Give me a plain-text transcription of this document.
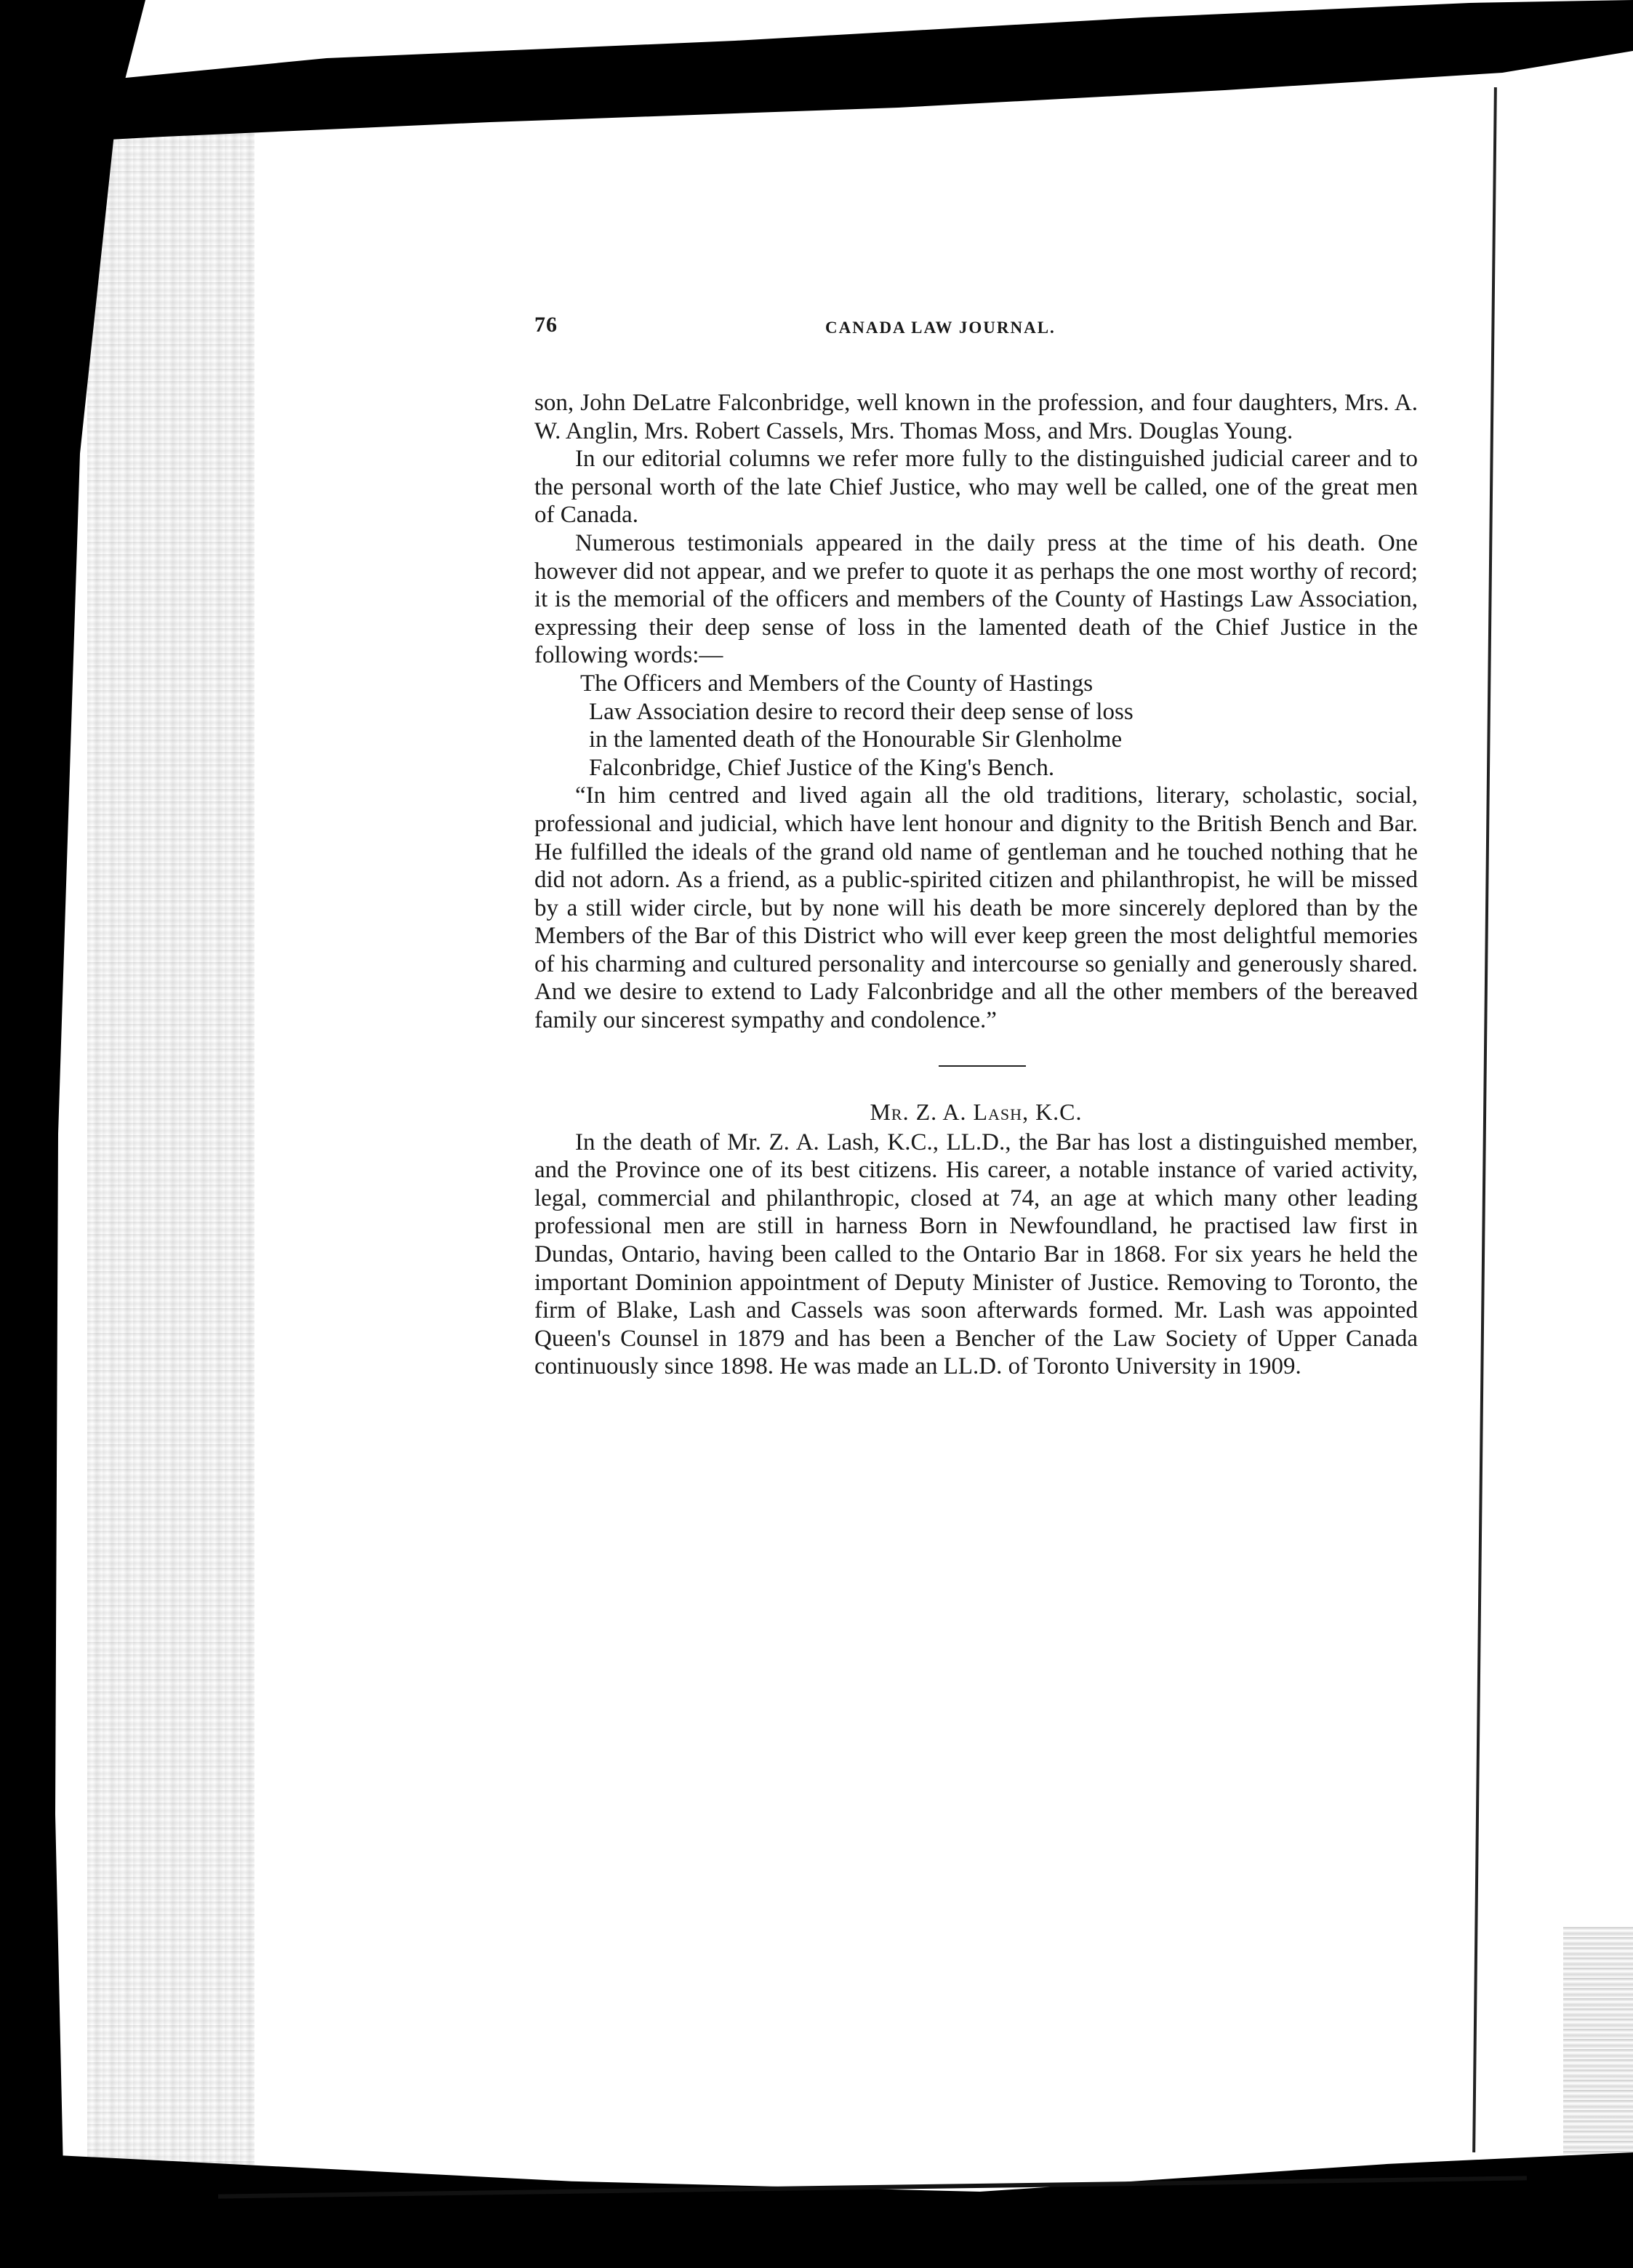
76	CANADA LAW JOURNAL.

son, John DeLatre Falconbridge, well known in the profession, and four daughters, Mrs. A. W. Anglin, Mrs. Robert Cassels, Mrs. Thomas Moss, and Mrs. Douglas Young.

In our editorial columns we refer more fully to the distinguished judicial career and to the personal worth of the late Chief Justice, who may well be called, one of the great men of Canada.

Numerous testimonials appeared in the daily press at the time of his death. One however did not appear, and we prefer to quote it as perhaps the one most worthy of record; it is the memorial of the officers and members of the County of Hastings Law Association, expressing their deep sense of loss in the lamented death of the Chief Justice in the following words:—

The Officers and Members of the County of Hastings
Law Association desire to record their deep sense of loss
in the lamented death of the Honourable Sir Glenholme
Falconbridge, Chief Justice of the King's Bench.

“In him centred and lived again all the old traditions, literary, scholastic, social, professional and judicial, which have lent honour and dignity to the British Bench and Bar. He fulfilled the ideals of the grand old name of gentleman and he touched nothing that he did not adorn. As a friend, as a public-spirited citizen and philanthropist, he will be missed by a still wider circle, but by none will his death be more sincerely deplored than by the Members of the Bar of this District who will ever keep green the most delightful memories of his charming and cultured personality and intercourse so genially and generously shared. And we desire to extend to Lady Falconbridge and all the other members of the bereaved family our sincerest sympathy and condolence.”

Mr. Z. A. Lash, K.C.

In the death of Mr. Z. A. Lash, K.C., LL.D., the Bar has lost a distinguished member, and the Province one of its best citizens. His career, a notable instance of varied activity, legal, commercial and philanthropic, closed at 74, an age at which many other leading professional men are still in harness Born in Newfoundland, he practised law first in Dundas, Ontario, having been called to the Ontario Bar in 1868. For six years he held the important Dominion appointment of Deputy Minister of Justice. Removing to Toronto, the firm of Blake, Lash and Cassels was soon afterwards formed. Mr. Lash was appointed Queen's Counsel in 1879 and has been a Bencher of the Law Society of Upper Canada continuously since 1898. He was made an LL.D. of Toronto University in 1909.
